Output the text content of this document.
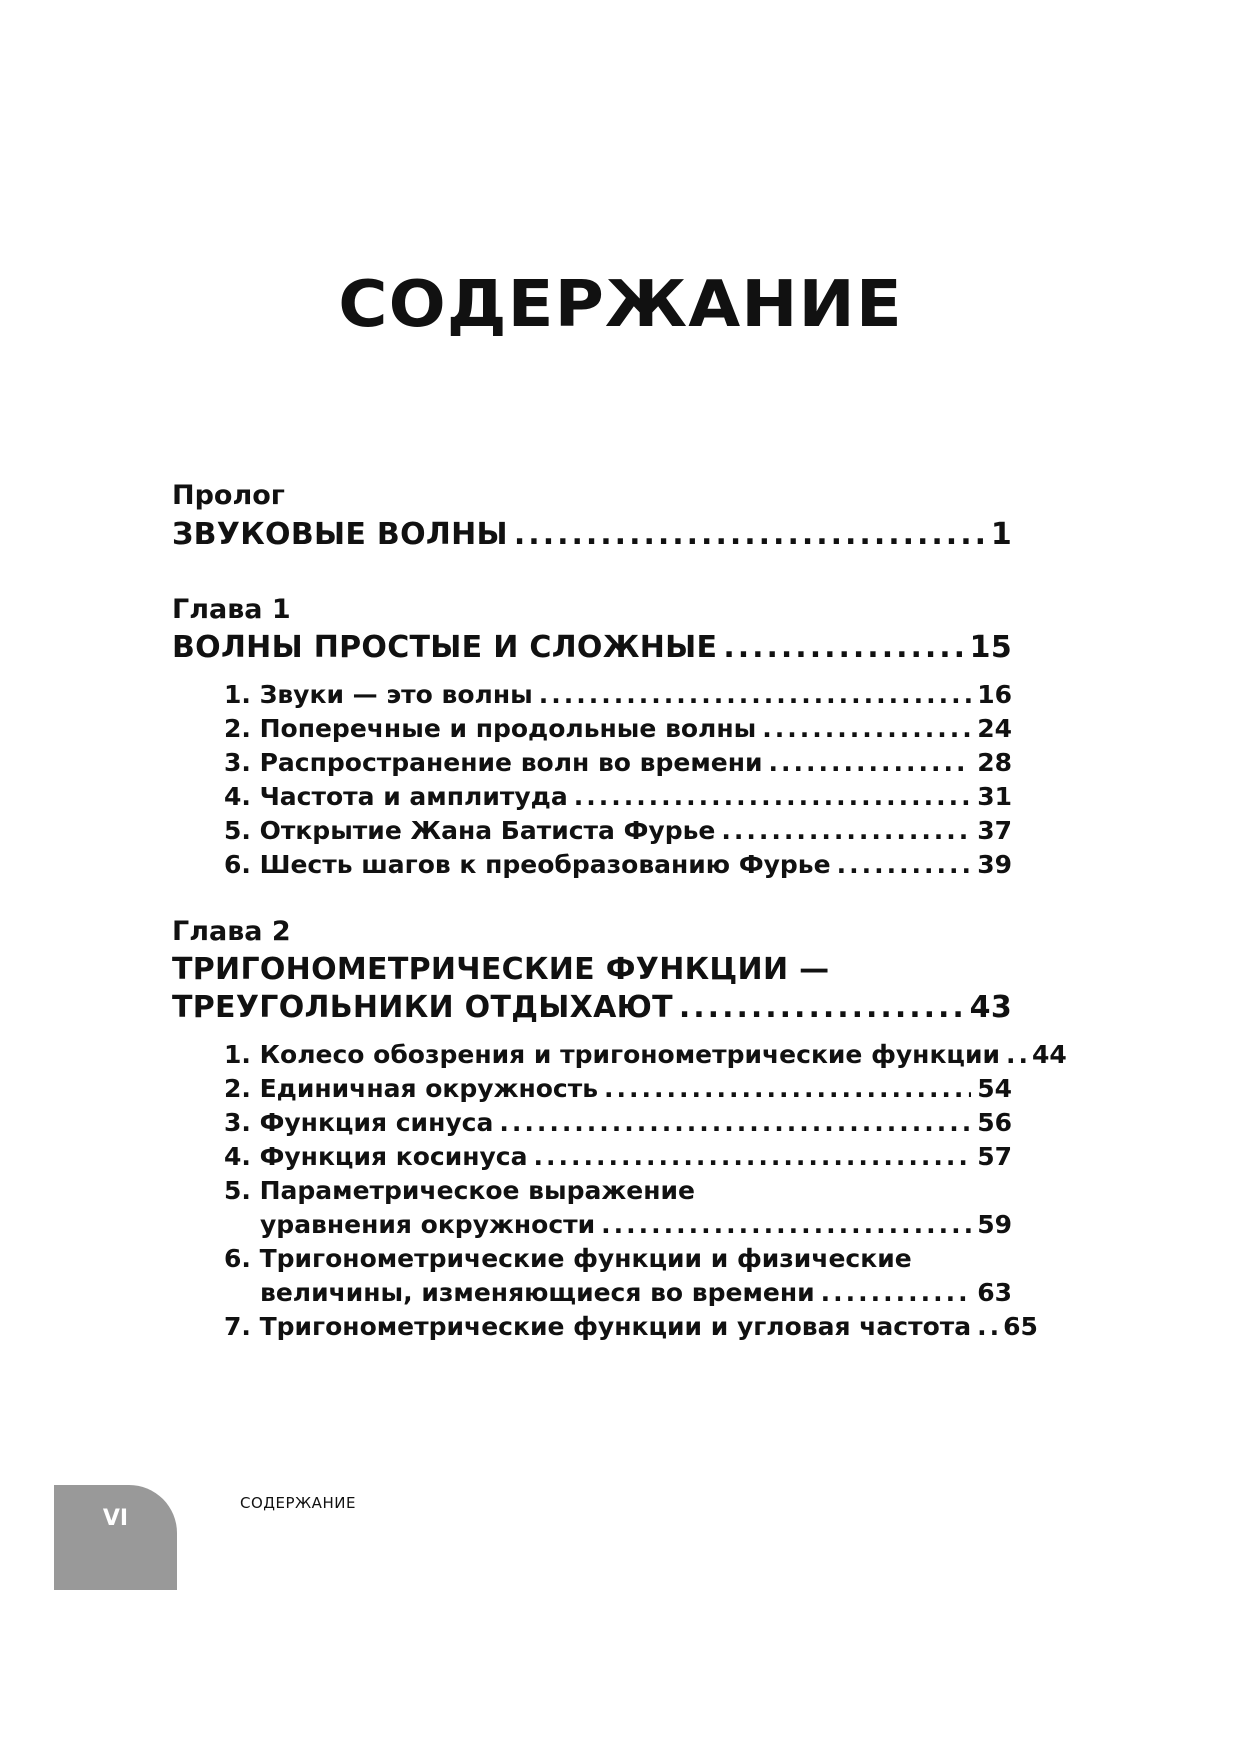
СОДЕРЖАНИЕ
Пролог
ЗВУКОВЫЕ ВОЛНЫ .....	1
Глава 1
ВОЛНЫ ПРОСТЫЕ И СЛОЖНЫЕ .....	15
1. Звуки — это волны .....	16
2. Поперечные и продольные волны .....	24
3. Распространение волн во времени .....	28
4. Частота и амплитуда .....	31
5. Открытие Жана Батиста Фурье .....	37
6. Шесть шагов к преобразованию Фурье .....	39
Глава 2
ТРИГОНОМЕТРИЧЕСКИЕ ФУНКЦИИ —
ТРЕУГОЛЬНИКИ ОТДЫХАЮТ .....	43
1. Колесо обозрения и тригонометрические функции ..... 44
2. Единичная окружность .....	54
3. Функция синуса .....	56
4. Функция косинуса .....	57
5. Параметрическое выражение
уравнения окружности .....	59
6. Тригонометрические функции и физические
величины, изменяющиеся во времени .....	63
7. Тригонометрические функции и угловая частота ..... 65
VI
СОДЕРЖАНИЕ
